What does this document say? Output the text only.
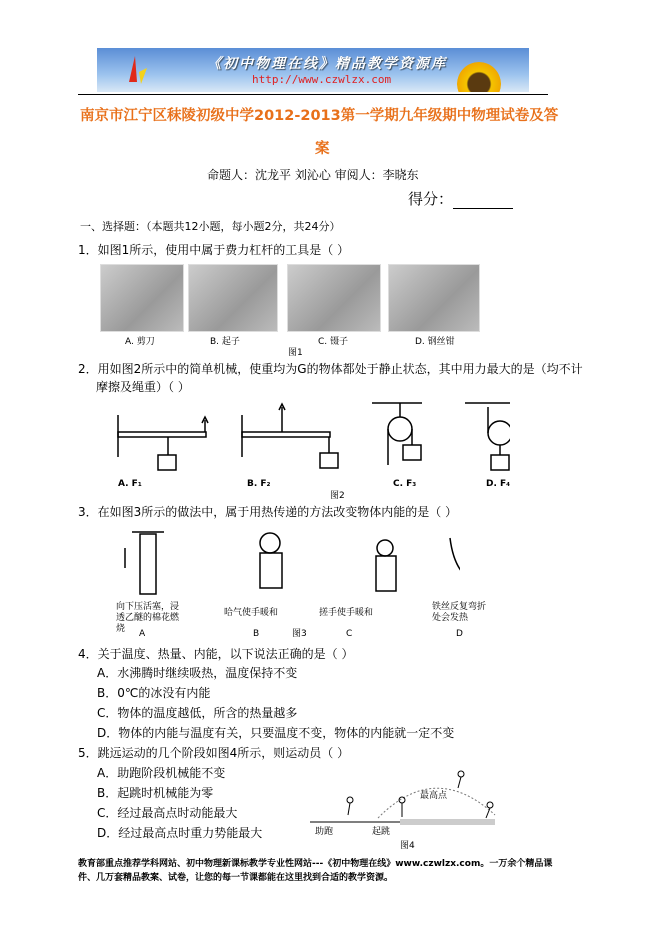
《初中物理在线》精品教学资源库
http://www.czwlzx.com
南京市江宁区秣陵初级中学2012-2013第一学期九年级期中物理试卷及答
案
命题人：沈龙平 刘沁心 审阅人：李晓东
得分：
一、选择题：（本题共12小题，每小题2分，共24分）
1．如图1所示，使用中属于费力杠杆的工具是（ ）
A. 剪刀	B. 起子	C. 镊子	D. 钢丝钳
图1
2．用如图2所示中的简单机械，使重均为G的物体都处于静止状态，其中用力最大的是（均不计
摩擦及绳重）（ ）
A. F₁	B. F₂	C. F₃	D. F₄
图2
3．在如图3所示的做法中，属于用热传递的方法改变物体内能的是（ ）
向下压活塞，浸透乙醚的棉花燃烧
哈气使手暖和	搓手使手暖和
铁丝反复弯折处会发热
A	B	C	D
图3
4．关于温度、热量、内能，以下说法正确的是（ ）
A．水沸腾时继续吸热，温度保持不变
B．0℃的冰没有内能
C．物体的温度越低，所含的热量越多
D．物体的内能与温度有关，只要温度不变，物体的内能就一定不变
5．跳远运动的几个阶段如图4所示，则运动员（ ）
A．助跑阶段机械能不变
B．起跳时机械能为零
C．经过最高点时动能最大
D．经过最高点时重力势能最大	助跑	起跳
最高点
图4
教育部重点推荐学科网站、初中物理新课标教学专业性网站---《初中物理在线》www.czwlzx.com。一万余个精品课
件、几万套精品教案、试卷，让您的每一节课都能在这里找到合适的教学资源。
